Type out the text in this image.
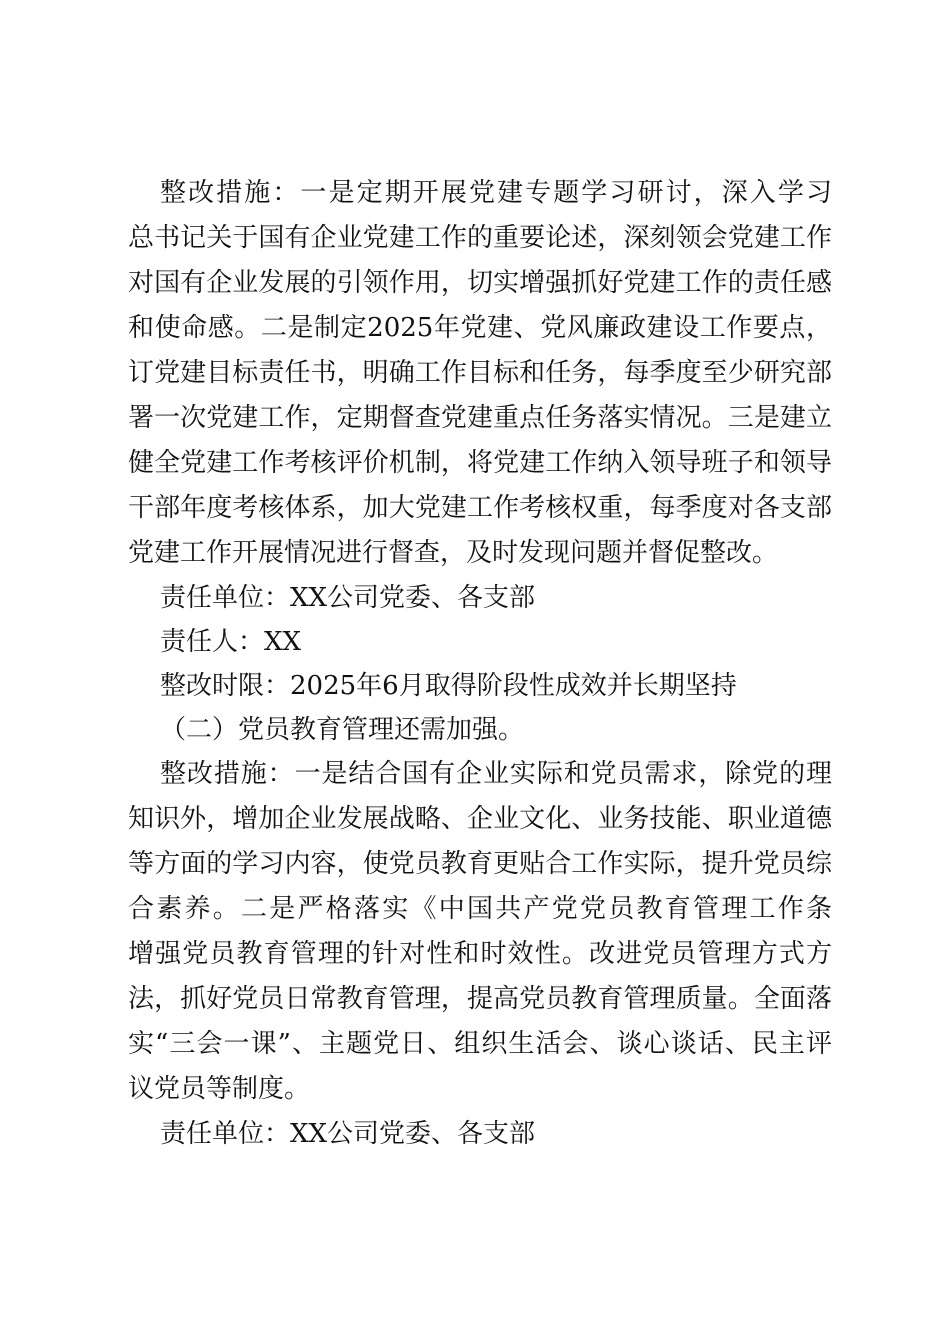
整改措施：一是定期开展党建专题学习研讨，深入学习
总书记关于国有企业党建工作的重要论述，深刻领会党建工作
对国有企业发展的引领作用，切实增强抓好党建工作的责任感
和使命感。二是制定2025年党建、党风廉政建设工作要点，
订党建目标责任书，明确工作目标和任务，每季度至少研究部
署一次党建工作，定期督查党建重点任务落实情况。三是建立
健全党建工作考核评价机制，将党建工作纳入领导班子和领导
干部年度考核体系，加大党建工作考核权重，每季度对各支部
党建工作开展情况进行督查，及时发现问题并督促整改。
责任单位：XX公司党委、各支部
责任人：XX
整改时限：2025年6月取得阶段性成效并长期坚持
（二）党员教育管理还需加强。
整改措施：一是结合国有企业实际和党员需求，除党的理
知识外，增加企业发展战略、企业文化、业务技能、职业道德
等方面的学习内容，使党员教育更贴合工作实际，提升党员综
合素养。二是严格落实《中国共产党党员教育管理工作条
增强党员教育管理的针对性和时效性。改进党员管理方式方
法，抓好党员日常教育管理，提高党员教育管理质量。全面落
实“三会一课”、主题党日、组织生活会、谈心谈话、民主评
议党员等制度。
责任单位：XX公司党委、各支部
